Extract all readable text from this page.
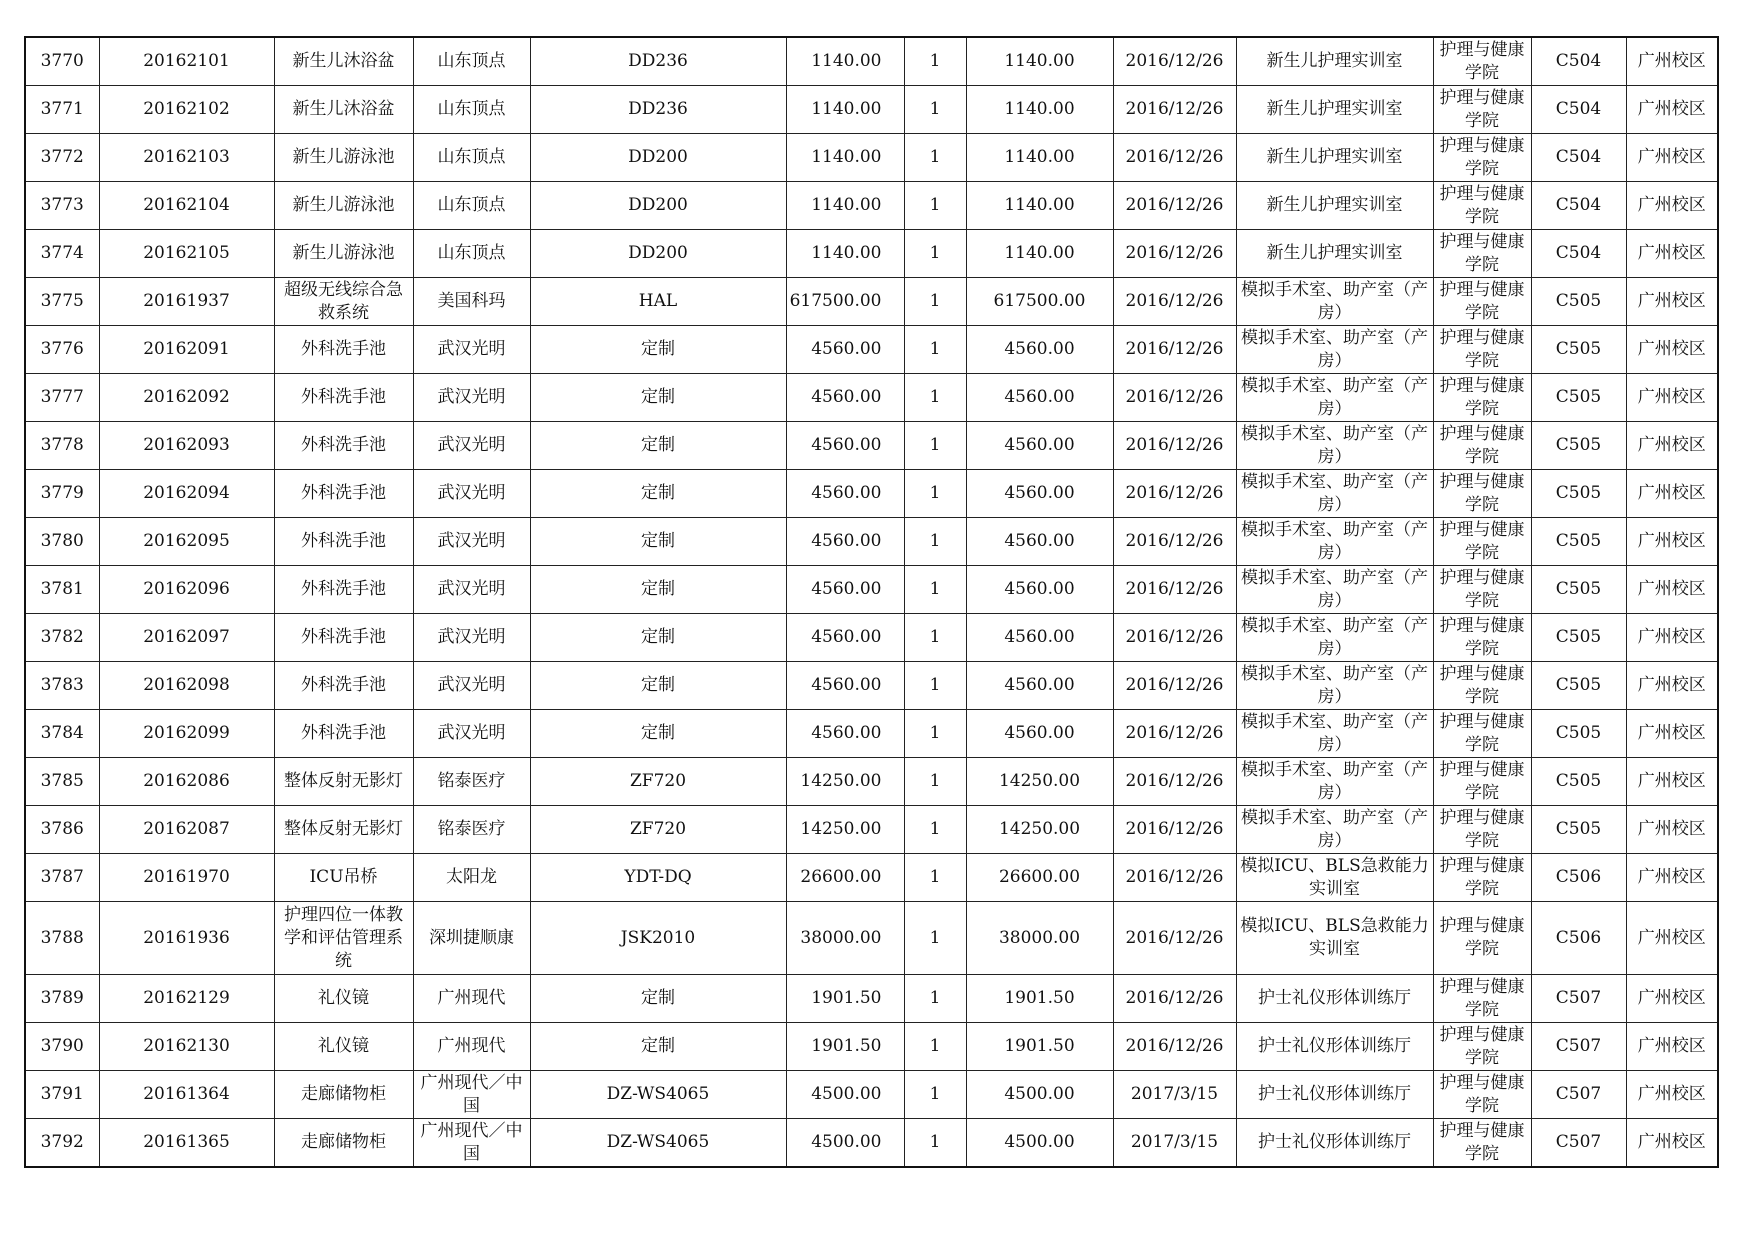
3770	20162101	新生儿沐浴盆	山东顶点	DD236	1140.00	1	1140.00	2016/12/26	新生儿护理实训室	护理与健康学院	C504	广州校区
3771	20162102	新生儿沐浴盆	山东顶点	DD236	1140.00	1	1140.00	2016/12/26	新生儿护理实训室	护理与健康学院	C504	广州校区
3772	20162103	新生儿游泳池	山东顶点	DD200	1140.00	1	1140.00	2016/12/26	新生儿护理实训室	护理与健康学院	C504	广州校区
3773	20162104	新生儿游泳池	山东顶点	DD200	1140.00	1	1140.00	2016/12/26	新生儿护理实训室	护理与健康学院	C504	广州校区
3774	20162105	新生儿游泳池	山东顶点	DD200	1140.00	1	1140.00	2016/12/26	新生儿护理实训室	护理与健康学院	C504	广州校区
3775	20161937	超级无线综合急救系统	美国科玛	HAL	617500.00	1	617500.00	2016/12/26	模拟手术室、助产室（产房）	护理与健康学院	C505	广州校区
3776	20162091	外科洗手池	武汉光明	定制	4560.00	1	4560.00	2016/12/26	模拟手术室、助产室（产房）	护理与健康学院	C505	广州校区
3777	20162092	外科洗手池	武汉光明	定制	4560.00	1	4560.00	2016/12/26	模拟手术室、助产室（产房）	护理与健康学院	C505	广州校区
3778	20162093	外科洗手池	武汉光明	定制	4560.00	1	4560.00	2016/12/26	模拟手术室、助产室（产房）	护理与健康学院	C505	广州校区
3779	20162094	外科洗手池	武汉光明	定制	4560.00	1	4560.00	2016/12/26	模拟手术室、助产室（产房）	护理与健康学院	C505	广州校区
3780	20162095	外科洗手池	武汉光明	定制	4560.00	1	4560.00	2016/12/26	模拟手术室、助产室（产房）	护理与健康学院	C505	广州校区
3781	20162096	外科洗手池	武汉光明	定制	4560.00	1	4560.00	2016/12/26	模拟手术室、助产室（产房）	护理与健康学院	C505	广州校区
3782	20162097	外科洗手池	武汉光明	定制	4560.00	1	4560.00	2016/12/26	模拟手术室、助产室（产房）	护理与健康学院	C505	广州校区
3783	20162098	外科洗手池	武汉光明	定制	4560.00	1	4560.00	2016/12/26	模拟手术室、助产室（产房）	护理与健康学院	C505	广州校区
3784	20162099	外科洗手池	武汉光明	定制	4560.00	1	4560.00	2016/12/26	模拟手术室、助产室（产房）	护理与健康学院	C505	广州校区
3785	20162086	整体反射无影灯	铭泰医疗	ZF720	14250.00	1	14250.00	2016/12/26	模拟手术室、助产室（产房）	护理与健康学院	C505	广州校区
3786	20162087	整体反射无影灯	铭泰医疗	ZF720	14250.00	1	14250.00	2016/12/26	模拟手术室、助产室（产房）	护理与健康学院	C505	广州校区
3787	20161970	ICU吊桥	太阳龙	YDT-DQ	26600.00	1	26600.00	2016/12/26	模拟ICU、BLS急救能力实训室	护理与健康学院	C506	广州校区
3788	20161936	护理四位一体教学和评估管理系统	深圳捷顺康	JSK2010	38000.00	1	38000.00	2016/12/26	模拟ICU、BLS急救能力实训室	护理与健康学院	C506	广州校区
3789	20162129	礼仪镜	广州现代	定制	1901.50	1	1901.50	2016/12/26	护士礼仪形体训练厅	护理与健康学院	C507	广州校区
3790	20162130	礼仪镜	广州现代	定制	1901.50	1	1901.50	2016/12/26	护士礼仪形体训练厅	护理与健康学院	C507	广州校区
3791	20161364	走廊储物柜	广州现代／中国	DZ-WS4065	4500.00	1	4500.00	2017/3/15	护士礼仪形体训练厅	护理与健康学院	C507	广州校区
3792	20161365	走廊储物柜	广州现代／中国	DZ-WS4065	4500.00	1	4500.00	2017/3/15	护士礼仪形体训练厅	护理与健康学院	C507	广州校区
